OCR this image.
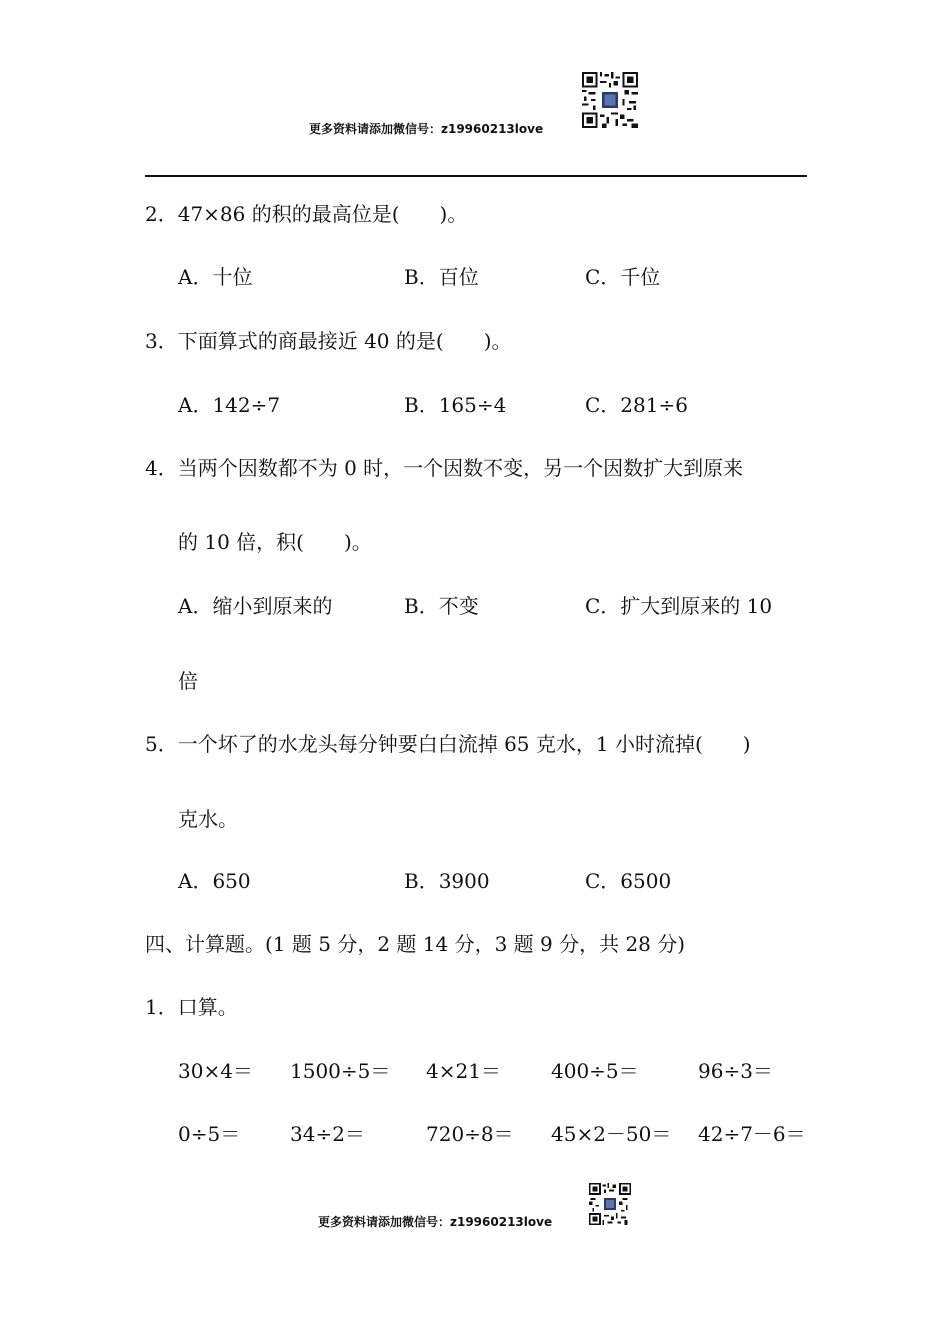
更多资料请添加微信号：z19960213love
2．47×86 的积的最高位是(　　)。
A．十位	B．百位	C．千位
3．下面算式的商最接近 40 的是(　　)。
A．142÷7	B．165÷4	C．281÷6
4．当两个因数都不为 0 时，一个因数不变，另一个因数扩大到原来
的 10 倍，积(　　)。
A．缩小到原来的	B．不变	C．扩大到原来的 10
倍
5．一个坏了的水龙头每分钟要白白流掉 65 克水，1 小时流掉(　　)
克水。
A．650	B．3900	C．6500
四、计算题。(1 题 5 分，2 题 14 分，3 题 9 分，共 28 分)
1．口算。
30×4＝ 1500÷5＝ 4×21＝	400÷5＝	96÷3＝
0÷5＝ 34÷2＝	720÷8＝ 45×2－50＝ 42÷7－6＝
更多资料请添加微信号：z19960213love
